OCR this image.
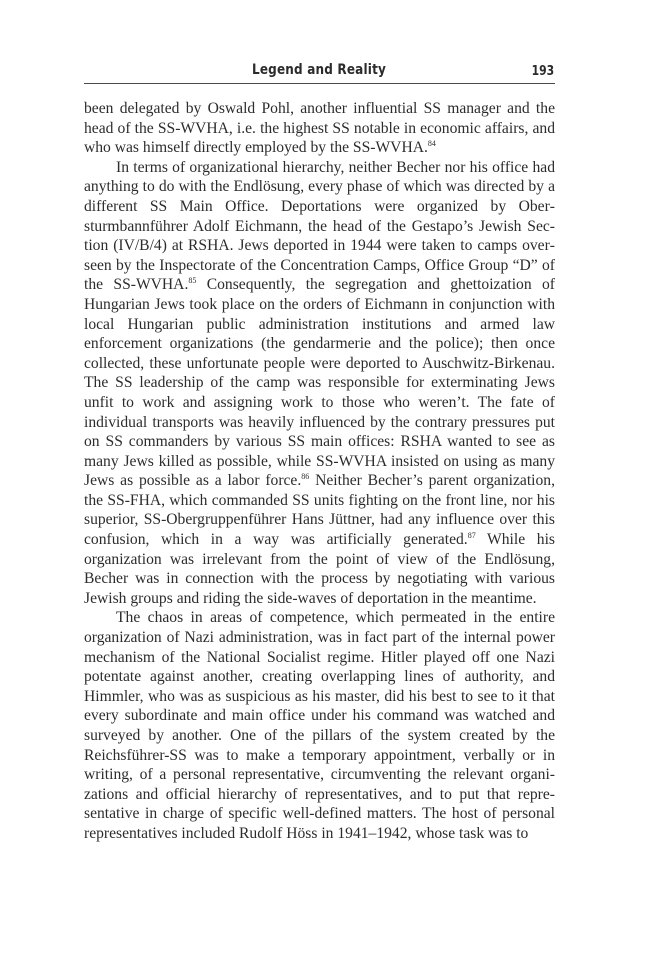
Legend and Reality	193

been delegated by Oswald Pohl, another influential SS manager and the head of the SS-WVHA, i.e. the highest SS notable in economic affairs, and who was himself directly employed by the SS-WVHA.$^{84}$

In terms of organizational hierarchy, neither Becher nor his office had anything to do with the Endlösung, every phase of which was directed by a different SS Main Office. Deportations were organized by Obersturmbannführer Adolf Eichmann, the head of the Gestapo’s Jewish Section (IV/B/4) at RSHA. Jews deported in 1944 were taken to camps overseen by the Inspectorate of the Concentration Camps, Office Group “D” of the SS-WVHA.$^{85}$ Consequently, the segregation and ghettoization of Hungarian Jews took place on the orders of Eichmann in conjunction with local Hungarian public administration institutions and armed law enforcement organizations (the gendarmerie and the police); then once collected, these unfortunate people were deported to Auschwitz-Birkenau. The SS leadership of the camp was responsible for exterminating Jews unfit to work and assigning work to those who weren’t. The fate of individual transports was heavily influenced by the contrary pressures put on SS commanders by various SS main offices: RSHA wanted to see as many Jews killed as possible, while SS-WVHA insisted on using as many Jews as possible as a labor force.$^{86}$ Neither Becher’s parent organization, the SS-FHA, which commanded SS units fighting on the front line, nor his superior, SS-Obergruppenführer Hans Jüttner, had any influence over this confusion, which in a way was artificially generated.$^{87}$ While his organization was irrelevant from the point of view of the Endlösung, Becher was in connection with the process by negotiating with various Jewish groups and riding the side-waves of deportation in the meantime.

The chaos in areas of competence, which permeated in the entire organization of Nazi administration, was in fact part of the internal power mechanism of the National Socialist regime. Hitler played off one Nazi potentate against another, creating overlapping lines of authority, and Himmler, who was as suspicious as his master, did his best to see to it that every subordinate and main office under his command was watched and surveyed by another. One of the pillars of the system created by the Reichsführer-SS was to make a temporary appointment, verbally or in writing, of a personal representative, circumventing the relevant organizations and official hierarchy of representatives, and to put that representative in charge of specific well-defined matters. The host of personal representatives included Rudolf Höss in 1941–1942, whose task was to
